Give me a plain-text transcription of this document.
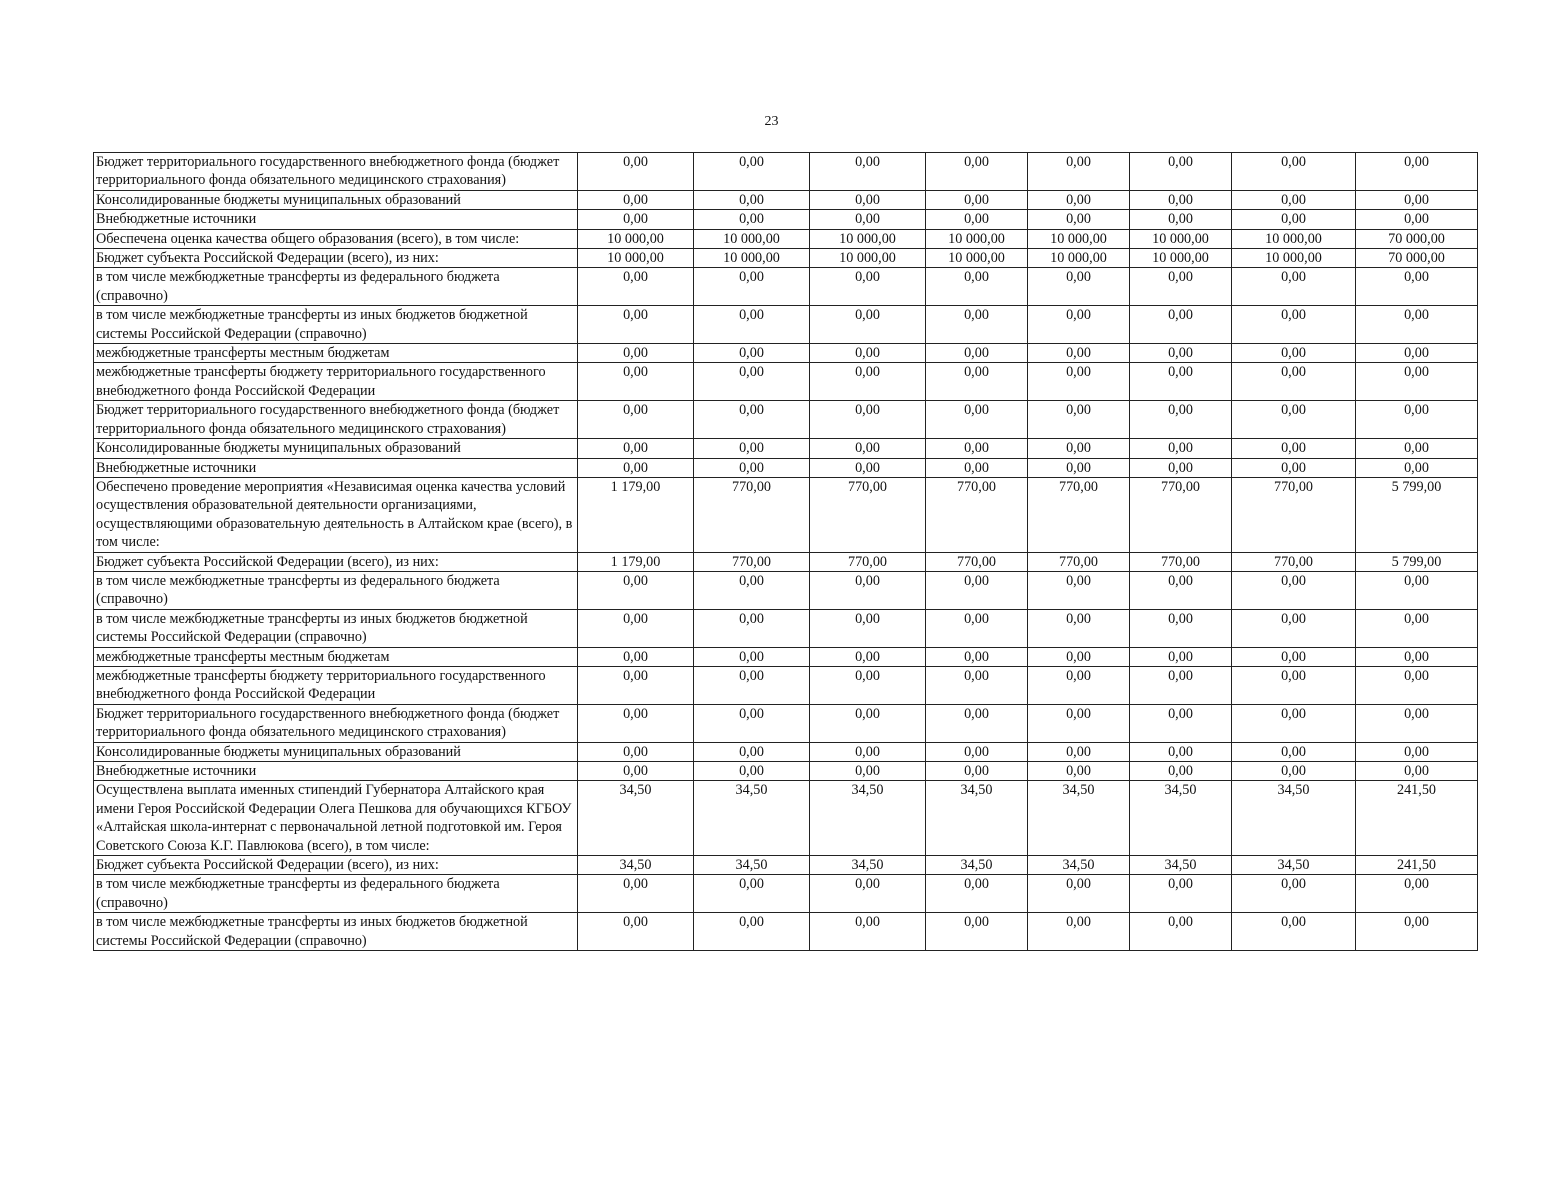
23
Бюджет территориального государственного внебюджетного фонда (бюджет территориального фонда обязательного медицинского страхования)	0,00	0,00	0,00	0,00	0,00	0,00	0,00	0,00
Консолидированные бюджеты муниципальных образований	0,00	0,00	0,00	0,00	0,00	0,00	0,00	0,00
Внебюджетные источники	0,00	0,00	0,00	0,00	0,00	0,00	0,00	0,00
Обеспечена оценка качества общего образования (всего), в том числе:	10 000,00	10 000,00	10 000,00	10 000,00	10 000,00	10 000,00	10 000,00	70 000,00
Бюджет субъекта Российской Федерации (всего), из них:	10 000,00	10 000,00	10 000,00	10 000,00	10 000,00	10 000,00	10 000,00	70 000,00
в том числе межбюджетные трансферты из федерального бюджета (справочно)	0,00	0,00	0,00	0,00	0,00	0,00	0,00	0,00
в том числе межбюджетные трансферты из иных бюджетов бюджетной системы Российской Федерации (справочно)	0,00	0,00	0,00	0,00	0,00	0,00	0,00	0,00
межбюджетные трансферты местным бюджетам	0,00	0,00	0,00	0,00	0,00	0,00	0,00	0,00
межбюджетные трансферты бюджету территориального государственного внебюджетного фонда Российской Федерации	0,00	0,00	0,00	0,00	0,00	0,00	0,00	0,00
Бюджет территориального государственного внебюджетного фонда (бюджет территориального фонда обязательного медицинского страхования)	0,00	0,00	0,00	0,00	0,00	0,00	0,00	0,00
Консолидированные бюджеты муниципальных образований	0,00	0,00	0,00	0,00	0,00	0,00	0,00	0,00
Внебюджетные источники	0,00	0,00	0,00	0,00	0,00	0,00	0,00	0,00
Обеспечено проведение мероприятия «Независимая оценка качества условий осуществления образовательной деятельности организациями, осуществляющими образовательную деятельность в Алтайском крае (всего), в том числе:	1 179,00	770,00	770,00	770,00	770,00	770,00	770,00	5 799,00
Бюджет субъекта Российской Федерации (всего), из них:	1 179,00	770,00	770,00	770,00	770,00	770,00	770,00	5 799,00
в том числе межбюджетные трансферты из федерального бюджета (справочно)	0,00	0,00	0,00	0,00	0,00	0,00	0,00	0,00
в том числе межбюджетные трансферты из иных бюджетов бюджетной системы Российской Федерации (справочно)	0,00	0,00	0,00	0,00	0,00	0,00	0,00	0,00
межбюджетные трансферты местным бюджетам	0,00	0,00	0,00	0,00	0,00	0,00	0,00	0,00
межбюджетные трансферты бюджету территориального государственного внебюджетного фонда Российской Федерации	0,00	0,00	0,00	0,00	0,00	0,00	0,00	0,00
Бюджет территориального государственного внебюджетного фонда (бюджет территориального фонда обязательного медицинского страхования)	0,00	0,00	0,00	0,00	0,00	0,00	0,00	0,00
Консолидированные бюджеты муниципальных образований	0,00	0,00	0,00	0,00	0,00	0,00	0,00	0,00
Внебюджетные источники	0,00	0,00	0,00	0,00	0,00	0,00	0,00	0,00
Осуществлена выплата именных стипендий Губернатора Алтайского края имени Героя Российской Федерации Олега Пешкова для обучающихся КГБОУ «Алтайская школа-интернат с первоначальной летной подготовкой им. Героя Советского Союза К.Г. Павлюкова (всего), в том числе:	34,50	34,50	34,50	34,50	34,50	34,50	34,50	241,50
Бюджет субъекта Российской Федерации (всего), из них:	34,50	34,50	34,50	34,50	34,50	34,50	34,50	241,50
в том числе межбюджетные трансферты из федерального бюджета (справочно)	0,00	0,00	0,00	0,00	0,00	0,00	0,00	0,00
в том числе межбюджетные трансферты из иных бюджетов бюджетной системы Российской Федерации (справочно)	0,00	0,00	0,00	0,00	0,00	0,00	0,00	0,00
